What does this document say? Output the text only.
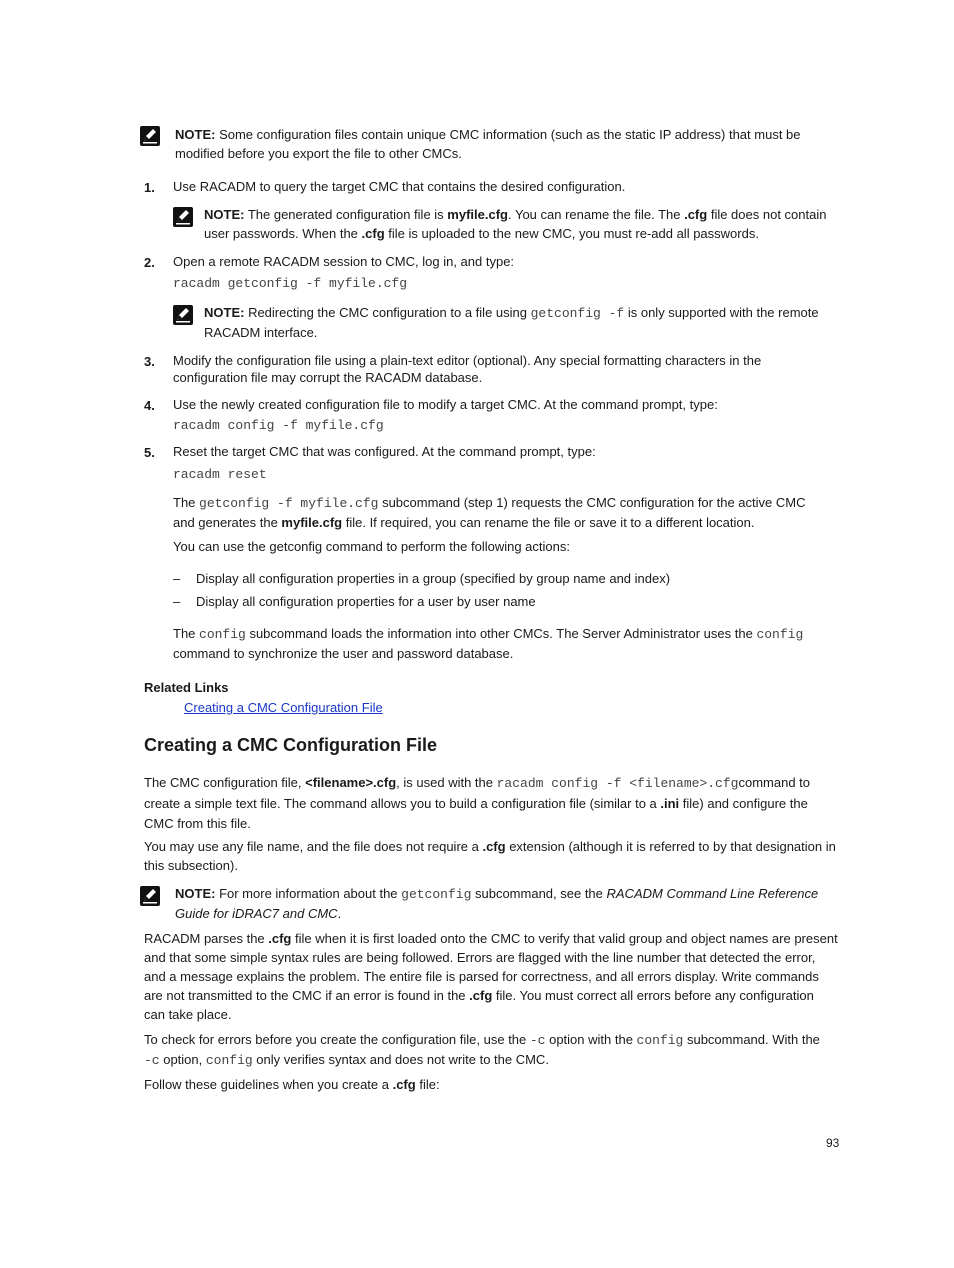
NOTE: Some configuration files contain unique CMC information (such as the static IP address) that must be
modified before you export the file to other CMCs.
1. Use RACADM to query the target CMC that contains the desired configuration.
NOTE: The generated configuration file is myfile.cfg. You can rename the file. The .cfg file does not contain
user passwords. When the .cfg file is uploaded to the new CMC, you must re-add all passwords.
2. Open a remote RACADM session to CMC, log in, and type:
racadm getconfig -f myfile.cfg
NOTE: Redirecting the CMC configuration to a file using getconfig -f is only supported with the remote
RACADM interface.
3. Modify the configuration file using a plain-text editor (optional). Any special formatting characters in the
configuration file may corrupt the RACADM database.
4. Use the newly created configuration file to modify a target CMC. At the command prompt, type:
racadm config -f myfile.cfg
5. Reset the target CMC that was configured. At the command prompt, type:
racadm reset
The getconfig -f myfile.cfg subcommand (step 1) requests the CMC configuration for the active CMC
and generates the myfile.cfg file. If required, you can rename the file or save it to a different location.
You can use the getconfig command to perform the following actions:
– Display all configuration properties in a group (specified by group name and index)
– Display all configuration properties for a user by user name
The config subcommand loads the information into other CMCs. The Server Administrator uses the config
command to synchronize the user and password database.
Related Links
Creating a CMC Configuration File
Creating a CMC Configuration File
The CMC configuration file, <filename>.cfg, is used with the racadm config -f <filename>.cfgcommand to
create a simple text file. The command allows you to build a configuration file (similar to a .ini file) and configure the
CMC from this file.
You may use any file name, and the file does not require a .cfg extension (although it is referred to by that designation in
this subsection).
NOTE: For more information about the getconfig subcommand, see the RACADM Command Line Reference
Guide for iDRAC7 and CMC.
RACADM parses the .cfg file when it is first loaded onto the CMC to verify that valid group and object names are present
and that some simple syntax rules are being followed. Errors are flagged with the line number that detected the error,
and a message explains the problem. The entire file is parsed for correctness, and all errors display. Write commands
are not transmitted to the CMC if an error is found in the .cfg file. You must correct all errors before any configuration
can take place.
To check for errors before you create the configuration file, use the -c option with the config subcommand. With the
-c option, config only verifies syntax and does not write to the CMC.
Follow these guidelines when you create a .cfg file:
93
